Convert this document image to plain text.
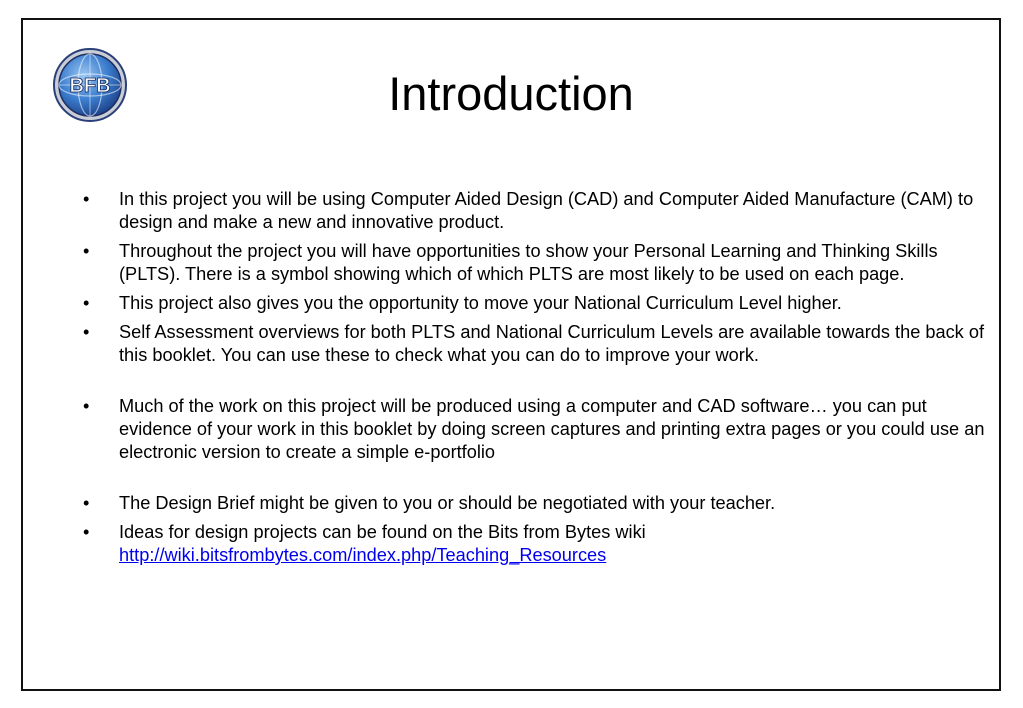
BFB	Introduction
• In this project you will be using Computer Aided Design (CAD) and Computer Aided Manufacture (CAM) to design and make a new and innovative product.
• Throughout the project you will have opportunities to show your Personal Learning and Thinking Skills (PLTS). There is a symbol showing which of which PLTS are most likely to be used on each page.
• This project also gives you the opportunity to move your National Curriculum Level higher.
• Self Assessment overviews for both PLTS and National Curriculum Levels are available towards the back of this booklet. You can use these to check what you can do to improve your work.
• Much of the work on this project will be produced using a computer and CAD software… you can put evidence of your work in this booklet by doing screen captures and printing extra pages or you could use an electronic version to create a simple e-portfolio
• The Design Brief might be given to you or should be negotiated with your teacher.
• Ideas for design projects can be found on the Bits from Bytes wiki
http://wiki.bitsfrombytes.com/index.php/Teaching_Resources
